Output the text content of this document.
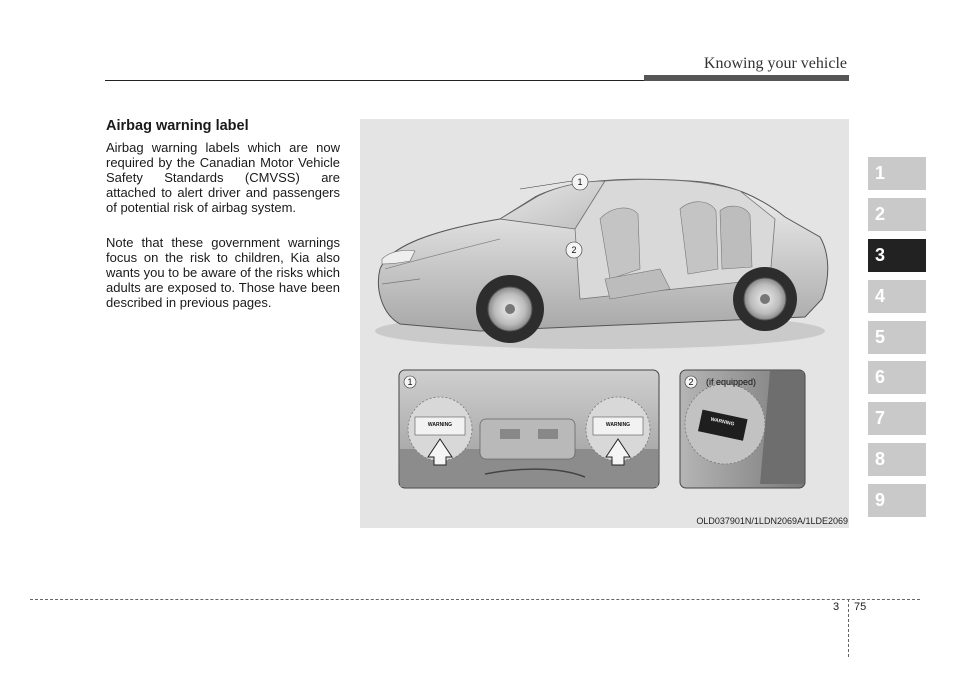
Knowing your vehicle
Airbag warning label

Airbag warning labels which are now required by the Canadian Motor Vehicle Safety Standards (CMVSS) are attached to alert driver and passengers of potential risk of airbag system.

Note that these government warnings focus on the risk to children, Kia also wants you to be aware of the risks which adults are exposed to. Those have been described in previous pages.

1
2
WARNING	WARNING
1
WARNING
2 (if equipped)
OLD037901N/1LDN2069A/1LDE2069
1
2
3
4
5
6
7
8
9
3 75
